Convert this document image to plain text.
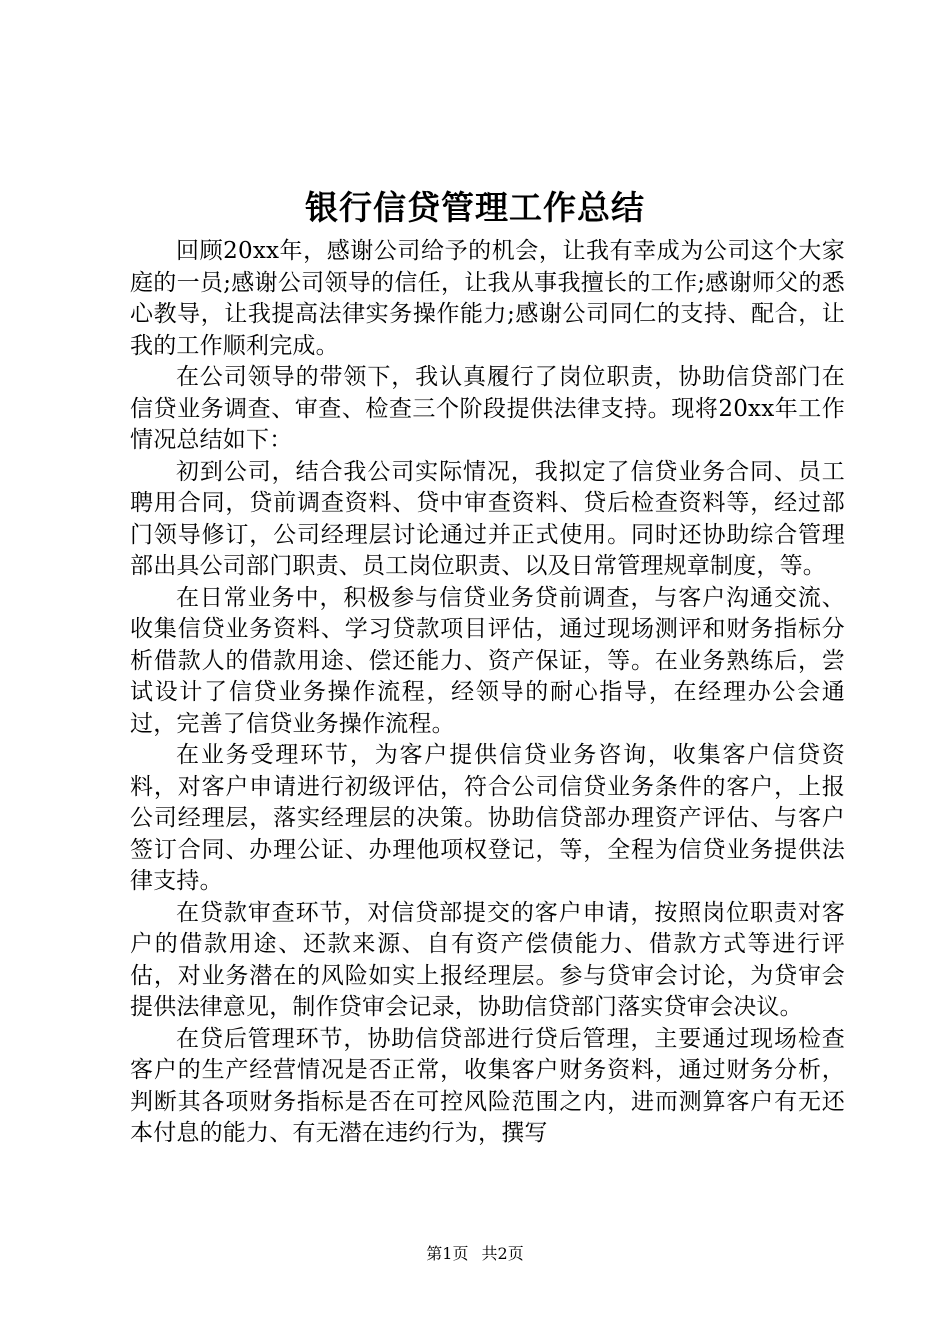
银行信贷管理工作总结

回顾20xx年，感谢公司给予的机会，让我有幸成为公司这个大家庭的一员;感谢公司领导的信任，让我从事我擅长的工作;感谢师父的悉心教导，让我提高法律实务操作能力;感谢公司同仁的支持、配合，让我的工作顺利完成。

在公司领导的带领下，我认真履行了岗位职责，协助信贷部门在信贷业务调查、审查、检查三个阶段提供法律支持。现将20xx年工作情况总结如下：

初到公司，结合我公司实际情况，我拟定了信贷业务合同、员工聘用合同，贷前调查资料、贷中审查资料、贷后检查资料等，经过部门领导修订，公司经理层讨论通过并正式使用。同时还协助综合管理部出具公司部门职责、员工岗位职责、以及日常管理规章制度，等。

在日常业务中，积极参与信贷业务贷前调查，与客户沟通交流、收集信贷业务资料、学习贷款项目评估，通过现场测评和财务指标分析借款人的借款用途、偿还能力、资产保证，等。在业务熟练后，尝试设计了信贷业务操作流程，经领导的耐心指导，在经理办公会通过，完善了信贷业务操作流程。

在业务受理环节，为客户提供信贷业务咨询，收集客户信贷资料，对客户申请进行初级评估，符合公司信贷业务条件的客户，上报公司经理层，落实经理层的决策。协助信贷部办理资产评估、与客户签订合同、办理公证、办理他项权登记，等，全程为信贷业务提供法律支持。

在贷款审查环节，对信贷部提交的客户申请，按照岗位职责对客户的借款用途、还款来源、自有资产偿债能力、借款方式等进行评估，对业务潜在的风险如实上报经理层。参与贷审会讨论，为贷审会提供法律意见，制作贷审会记录，协助信贷部门落实贷审会决议。

在贷后管理环节，协助信贷部进行贷后管理，主要通过现场检查客户的生产经营情况是否正常，收集客户财务资料，通过财务分析，判断其各项财务指标是否在可控风险范围之内，进而测算客户有无还本付息的能力、有无潜在违约行为，撰写

第1页 共2页
